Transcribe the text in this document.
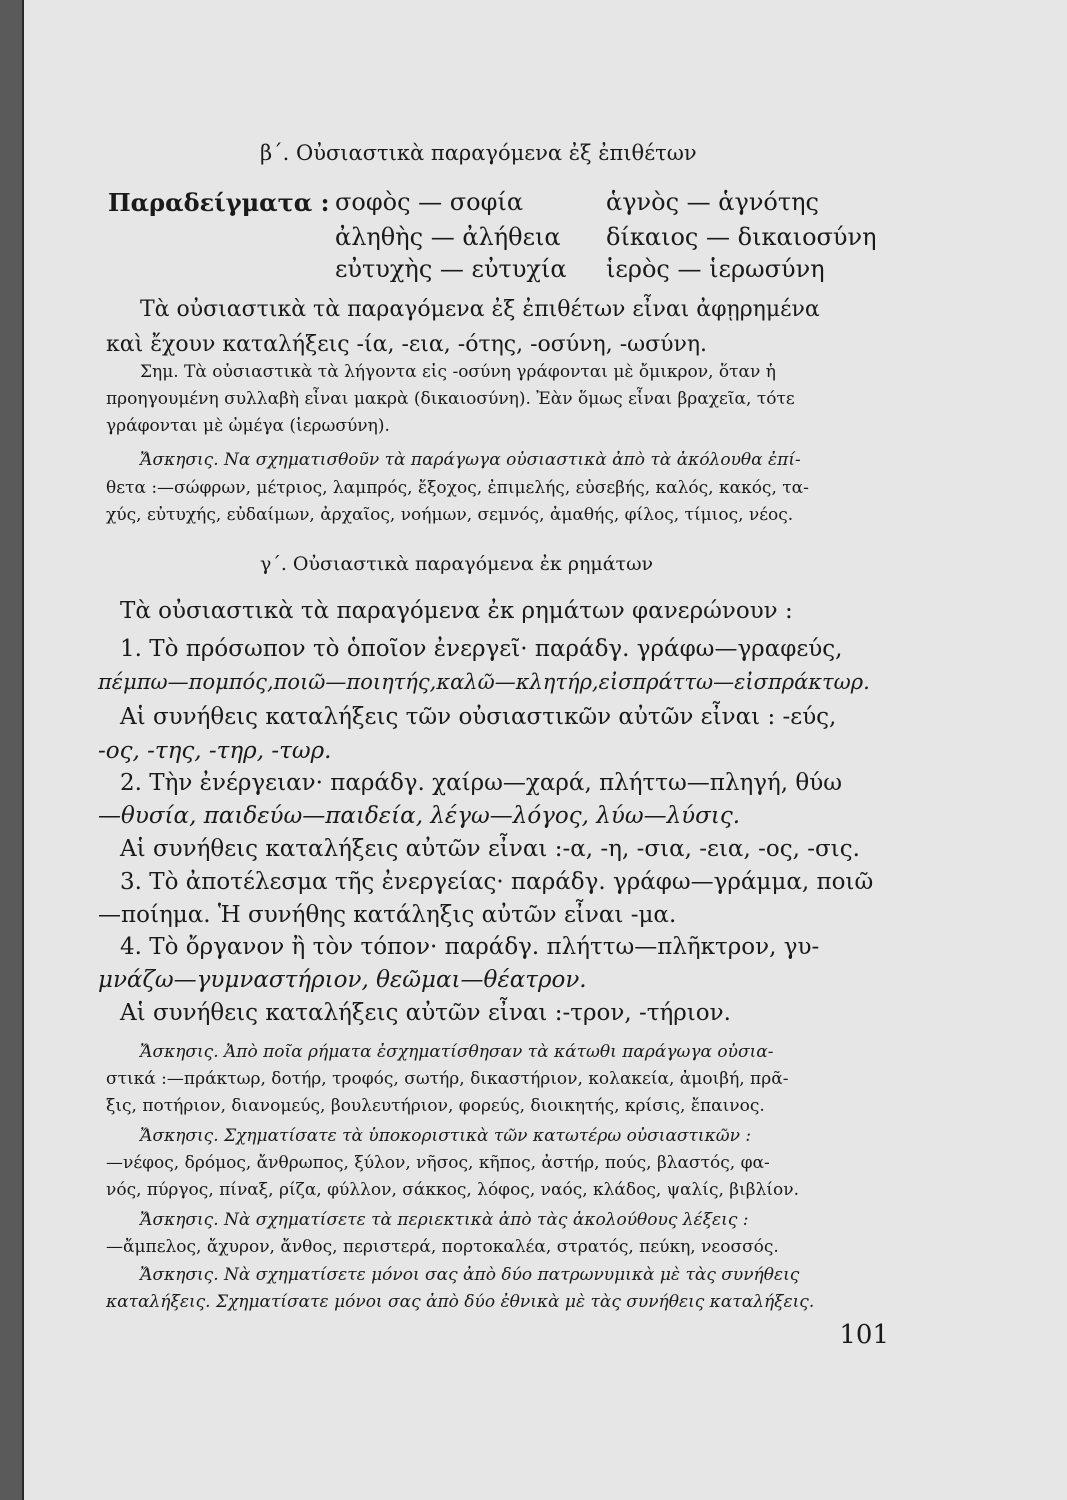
β΄. Οὐσιαστικὰ παραγόμενα ἐξ ἐπιθέτων
Παραδείγματα : σοφὸς — σοφία
ἀληθὴς — ἀλήθεια
εὐτυχὴς — εὐτυχία
ἁγνὸς — ἁγνότης
δίκαιος — δικαιοσύνη
ἱερὸς — ἱερωσύνη
Τὰ οὐσιαστικὰ τὰ παραγόμενα ἐξ ἐπιθέτων εἶναι ἀφῃρημένα
καὶ ἔχουν καταλήξεις -ία, -εια, -ότης, -οσύνη, -ωσύνη.
Σημ. Τὰ οὐσιαστικὰ τὰ λήγοντα εἰς -οσύνη γράφονται μὲ ὄμικρον, ὅταν ἡ
προηγουμένη συλλαβὴ εἶναι μακρὰ (δικαιοσύνη). Ἐὰν ὅμως εἶναι βραχεῖα, τότε
γράφονται μὲ ὠμέγα (ἱερωσύνη).
Ἄσκησις. Να σχηματισθοῦν τὰ παράγωγα οὐσιαστικὰ ἀπὸ τὰ ἀκόλουθα ἐπί-
θετα :—σώφρων, μέτριος, λαμπρός, ἔξοχος, ἐπιμελής, εὐσεβής, καλός, κακός, τα-
χύς, εὐτυχής, εὐδαίμων, ἀρχαῖος, νοήμων, σεμνός, ἀμαθής, φίλος, τίμιος, νέος.
γ΄. Οὐσιαστικὰ παραγόμενα ἐκ ρημάτων
Τὰ οὐσιαστικὰ τὰ παραγόμενα ἐκ ρημάτων φανερώνουν :
1. Τὸ πρόσωπον τὸ ὁποῖον ἐνεργεῖ· παράδγ. γράφω—γραφεύς,
πέμπω—πομπός,ποιῶ—ποιητής,καλῶ—κλητήρ,εἰσπράττω—εἰσπράκτωρ.
Αἱ συνήθεις καταλήξεις τῶν οὐσιαστικῶν αὐτῶν εἶναι : -εύς,
-ος, -της, -τηρ, -τωρ.
2. Τὴν ἐνέργειαν· παράδγ. χαίρω—χαρά, πλήττω—πληγή, θύω
—θυσία, παιδεύω—παιδεία, λέγω—λόγος, λύω—λύσις.
Αἱ συνήθεις καταλήξεις αὐτῶν εἶναι :-α, -η, -σια, -εια, -ος, -σις.
3. Τὸ ἀποτέλεσμα τῆς ἐνεργείας· παράδγ. γράφω—γράμμα, ποιῶ
—ποίημα. Ἡ συνήθης κατάληξις αὐτῶν εἶναι -μα.
4. Τὸ ὄργανον ἢ τὸν τόπον· παράδγ. πλήττω—πλῆκτρον, γυ-
μνάζω—γυμναστήριον, θεῶμαι—θέατρον.
Αἱ συνήθεις καταλήξεις αὐτῶν εἶναι :-τρον, -τήριον.
Ἄσκησις. Ἀπὸ ποῖα ρήματα ἐσχηματίσθησαν τὰ κάτωθι παράγωγα οὐσια-
στικά :—πράκτωρ, δοτήρ, τροφός, σωτήρ, δικαστήριον, κολακεία, ἀμοιβή, πρᾶ-
ξις, ποτήριον, διανομεύς, βουλευτήριον, φορεύς, διοικητής, κρίσις, ἔπαινος.
Ἄσκησις. Σχηματίσατε τὰ ὑποκοριστικὰ τῶν κατωτέρω οὐσιαστικῶν :
—νέφος, δρόμος, ἄνθρωπος, ξύλον, νῆσος, κῆπος, ἀστήρ, πούς, βλαστός, φα-
νός, πύργος, πίναξ, ρίζα, φύλλον, σάκκος, λόφος, ναός, κλάδος, ψαλίς, βιβλίον.
Ἄσκησις. Νὰ σχηματίσετε τὰ περιεκτικὰ ἀπὸ τὰς ἀκολούθους λέξεις :
—ἄμπελος, ἄχυρον, ἄνθος, περιστερά, πορτοκαλέα, στρατός, πεύκη, νεοσσός.
Ἄσκησις. Νὰ σχηματίσετε μόνοι σας ἀπὸ δύο πατρωνυμικὰ μὲ τὰς συνήθεις
καταλήξεις. Σχηματίσατε μόνοι σας ἀπὸ δύο ἐθνικὰ μὲ τὰς συνήθεις καταλήξεις.
101
